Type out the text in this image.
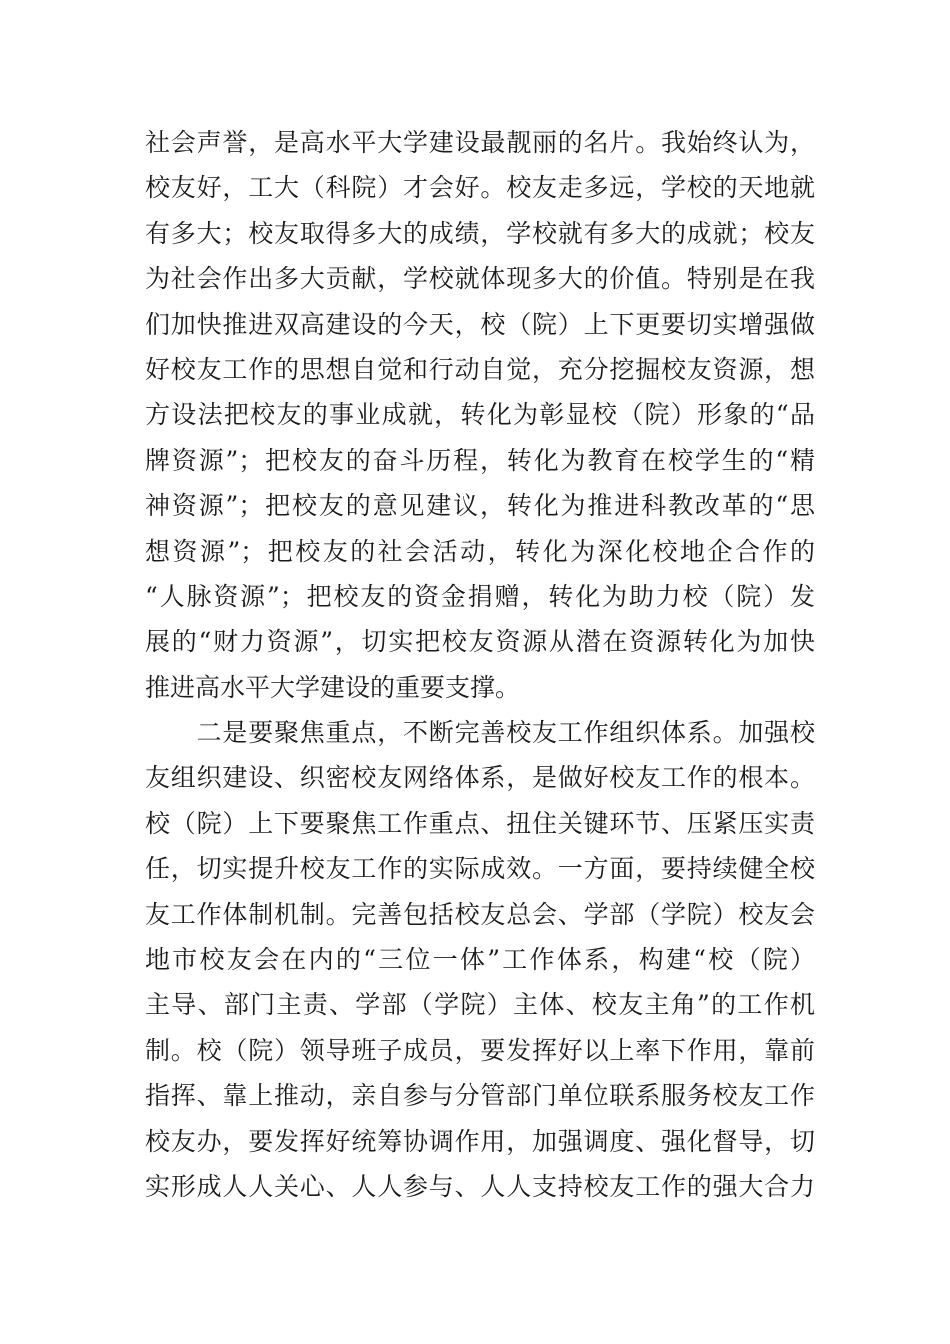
社会声誉，是高水平大学建设最靓丽的名片。我始终认为，
校友好，工大（科院）才会好。校友走多远，学校的天地就
有多大；校友取得多大的成绩，学校就有多大的成就；校友
为社会作出多大贡献，学校就体现多大的价值。特别是在我
们加快推进双高建设的今天，校（院）上下更要切实增强做
好校友工作的思想自觉和行动自觉，充分挖掘校友资源，想
方设法把校友的事业成就，转化为彰显校（院）形象的“品
牌资源”；把校友的奋斗历程，转化为教育在校学生的“精
神资源”；把校友的意见建议，转化为推进科教改革的“思
想资源”；把校友的社会活动，转化为深化校地企合作的
“人脉资源”；把校友的资金捐赠，转化为助力校（院）发
展的“财力资源”，切实把校友资源从潜在资源转化为加快
推进高水平大学建设的重要支撑。
　　二是要聚焦重点，不断完善校友工作组织体系。加强校
友组织建设、织密校友网络体系，是做好校友工作的根本。
校（院）上下要聚焦工作重点、扭住关键环节、压紧压实责
任，切实提升校友工作的实际成效。一方面，要持续健全校
友工作体制机制。完善包括校友总会、学部（学院）校友会
地市校友会在内的“三位一体”工作体系，构建“校（院）
主导、部门主责、学部（学院）主体、校友主角”的工作机
制。校（院）领导班子成员，要发挥好以上率下作用，靠前
指挥、靠上推动，亲自参与分管部门单位联系服务校友工作
校友办，要发挥好统筹协调作用，加强调度、强化督导，切
实形成人人关心、人人参与、人人支持校友工作的强大合力
